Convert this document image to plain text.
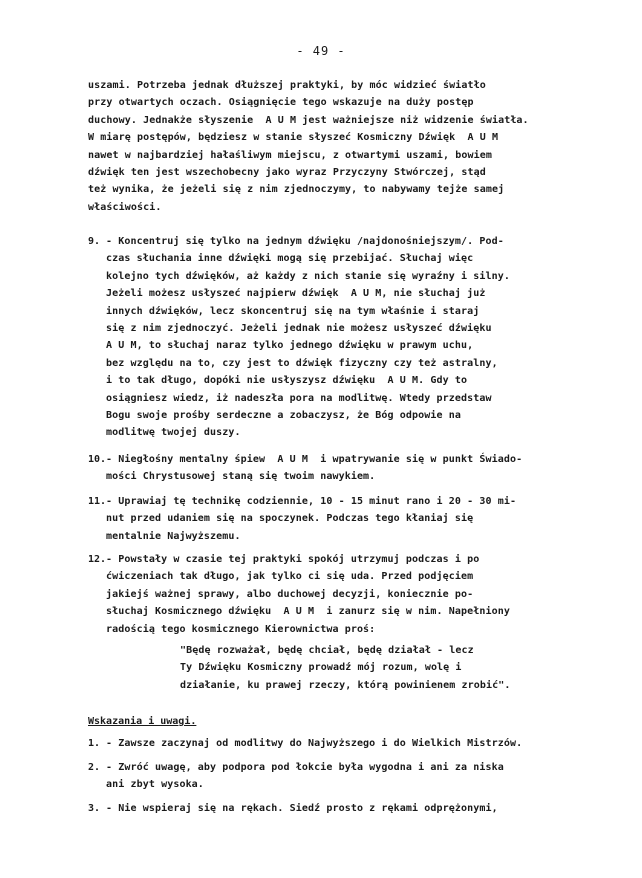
- 49 -
uszami. Potrzeba jednak dłuższej praktyki, by móc widzieć światło
przy otwartych oczach. Osiągnięcie tego wskazuje na duży postęp
duchowy. Jednakże słyszenie  A U M jest ważniejsze niż widzenie światła.
W miarę postępów, będziesz w stanie słyszeć Kosmiczny Dźwięk  A U M
nawet w najbardziej hałaśliwym miejscu, z otwartymi uszami, bowiem
dźwięk ten jest wszechobecny jako wyraz Przyczyny Stwórczej, stąd
też wynika, że jeżeli się z nim zjednoczymy, to nabywamy tejże samej
właściwości.
9. - Koncentruj się tylko na jednym dźwięku /najdonośniejszym/. Pod-
czas słuchania inne dźwięki mogą się przebijać. Słuchaj więc
kolejno tych dźwięków, aż każdy z nich stanie się wyraźny i silny.
Jeżeli możesz usłyszeć najpierw dźwięk  A U M, nie słuchaj już
innych dźwięków, lecz skoncentruj się na tym właśnie i staraj
się z nim zjednoczyć. Jeżeli jednak nie możesz usłyszeć dźwięku
A U M, to słuchaj naraz tylko jednego dźwięku w prawym uchu,
bez względu na to, czy jest to dźwięk fizyczny czy też astralny,
i to tak długo, dopóki nie usłyszysz dźwięku  A U M. Gdy to
osiągniesz wiedz, iż nadeszła pora na modlitwę. Wtedy przedstaw
Bogu swoje prośby serdeczne a zobaczysz, że Bóg odpowie na
modlitwę twojej duszy.
10. - Niegłośny mentalny śpiew  A U M  i wpatrywanie się w punkt Świado-
mości Chrystusowej staną się twoim nawykiem.
11. - Uprawiaj tę technikę codziennie, 10 - 15 minut rano i 20 - 30 mi-
nut przed udaniem się na spoczynek. Podczas tego kłaniaj się
mentalnie Najwyższemu.
12. - Powstały w czasie tej praktyki spokój utrzymuj podczas i po
ćwiczeniach tak długo, jak tylko ci się uda. Przed podjęciem
jakiejś ważnej sprawy, albo duchowej decyzji, koniecznie po-
słuchaj Kosmicznego dźwięku  A U M  i zanurz się w nim. Napełniony
radością tego kosmicznego Kierownictwa proś:
"Będę rozważał, będę chciał, będę działał - lecz
Ty Dźwięku Kosmiczny prowadź mój rozum, wolę i
działanie, ku prawej rzeczy, którą powinienem zrobić".
Wskazania i uwagi.
1. - Zawsze zaczynaj od modlitwy do Najwyższego i do Wielkich Mistrzów.
2. - Zwróć uwagę, aby podpora pod łokcie była wygodna i ani za niska
ani zbyt wysoka.
3. - Nie wspieraj się na rękach. Siedź prosto z rękami odprężonymi,
